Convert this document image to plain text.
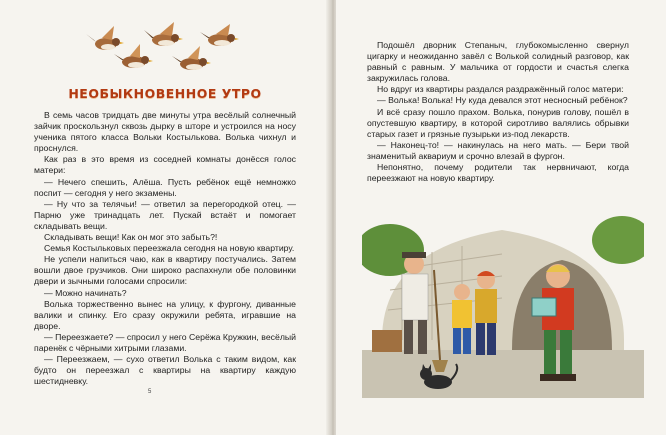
НЕОБЫКНОВЕННОЕ УТРО

В семь часов тридцать две минуты утра весёлый солнечный зайчик проскользнул сквозь дырку в шторе и устроился на носу ученика пятого класса Вольки Костылькова. Волька чихнул и проснулся.

Как раз в это время из соседней комнаты донёсся голос матери:

— Нечего спешить, Алёша. Пусть ребёнок ещё немножко поспит — сегодня у него экзамены.

— Ну что за телячьи! — ответил за перегородкой отец. — Парню уже тринадцать лет. Пускай встаёт и помогает складывать вещи.

Складывать вещи! Как он мог это забыть?!

Семья Костыльковых переезжала сегодня на новую квартиру.

Не успели напиться чаю, как в квартиру постучались. Затем вошли двое грузчиков. Они широко распахнули обе половинки двери и зычными голосами спросили:

— Можно начинать?

Волька торжественно вынес на улицу, к фургону, диванные валики и спинку. Его сразу окружили ребята, игравшие на дворе.

— Переезжаете? — спросил у него Серёжа Кружкин, весёлый паренёк с чёрными хитрыми глазами.

— Переезжаем, — сухо ответил Волька с таким видом, как будто он переезжал с квартиры на квартиру каждую шестидневку.

5

Подошёл дворник Степаныч, глубокомысленно свернул цигарку и неожиданно завёл с Волькой солидный разговор, как равный с равным. У мальчика от гордости и счастья слегка закружилась голова.

Но вдруг из квартиры раздался раздражённый голос матери:

— Волька! Волька! Ну куда девался этот несносный ребёнок?

И всё сразу пошло прахом. Волька, понурив голову, пошёл в опустевшую квартиру, в которой сиротливо валялись обрывки старых газет и грязные пузырьки из-под лекарств.

— Наконец-то! — накинулась на него мать. — Бери твой знаменитый аквариум и срочно влезай в фургон.

Непонятно, почему родители так нервничают, когда переезжают на новую квартиру.
